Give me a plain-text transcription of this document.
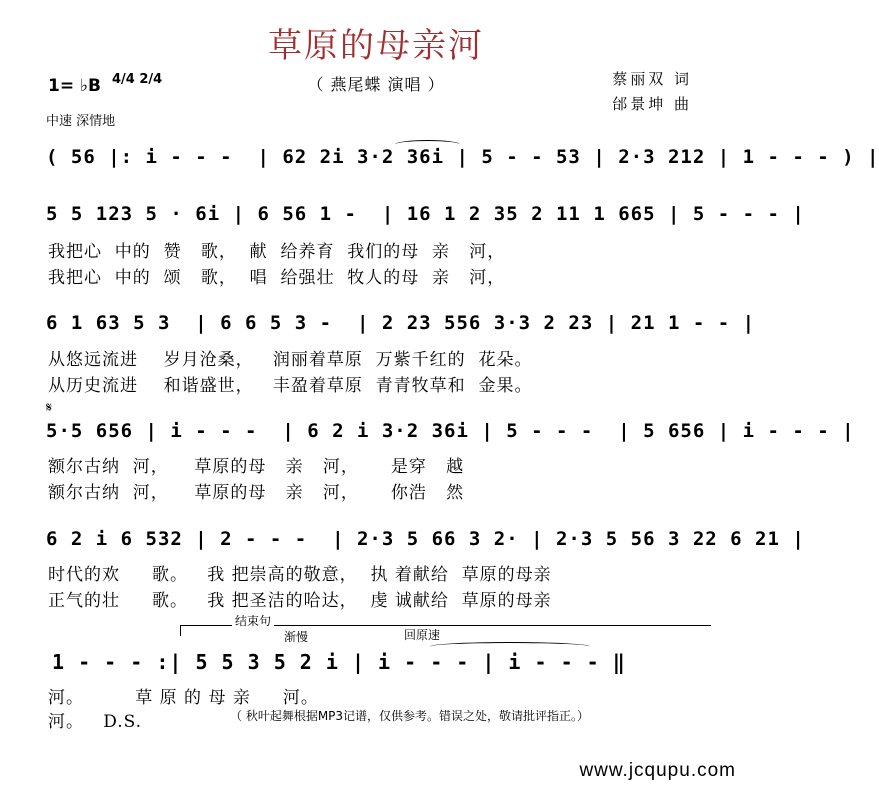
草原的母亲河
（ 燕尾蝶 演唱 ）	蔡丽双 词
邰景坤 曲
1= ♭B 4/4 2/4
中速 深情地
( 56 |: i - - -  | 62 2i 3·2 36i | 5 - - 53 | 2·3 212 | 1 - - - ) |
5 5 123 5 · 6i | 6 56 1 -  | 16 1 2 35 2 11 1 665 | 5 - - - |
我把心  中的  赞   歌，  献  给养育  我们的母  亲   河，
我把心  中的  颂   歌，  唱  给强壮  牧人的母  亲   河，
6 1 63 5 3  | 6 6 5 3 -  | 2 23 556 3·3 2 23 | 21 1 - - |
从悠远流进    岁月沧桑，   润丽着草原  万紫千红的  花朵。
从历史流进    和谐盛世，   丰盈着草原  青青牧草和  金果。
𝄋
5·5 656 | i - - -  | 6 2 i 3·2 36i | 5 - - -  | 5 656 | i - - - |
额尔古纳  河，    草原的母   亲   河，     是穿   越
额尔古纳  河，    草原的母   亲   河，     你浩   然
6 2 i 6 532 | 2 - - -  | 2·3 5 66 3 2· | 2·3 5 56 3 22 6 21 |
时代的欢     歌。   我 把崇高的敬意，  执 着献给  草原的母亲
正气的壮     歌。   我 把圣洁的哈达，  虔 诚献给  草原的母亲
结束句
渐慢	回原速
1 - - - :| 5 5 3 5 2 i | i - - - | i - - - ‖
河。        草 原 的 母 亲     河。
河。   D.S.	（ 秋叶起舞根据MP3记谱，仅供参考。错误之处，敬请批评指正。）
www.jcqupu.com
